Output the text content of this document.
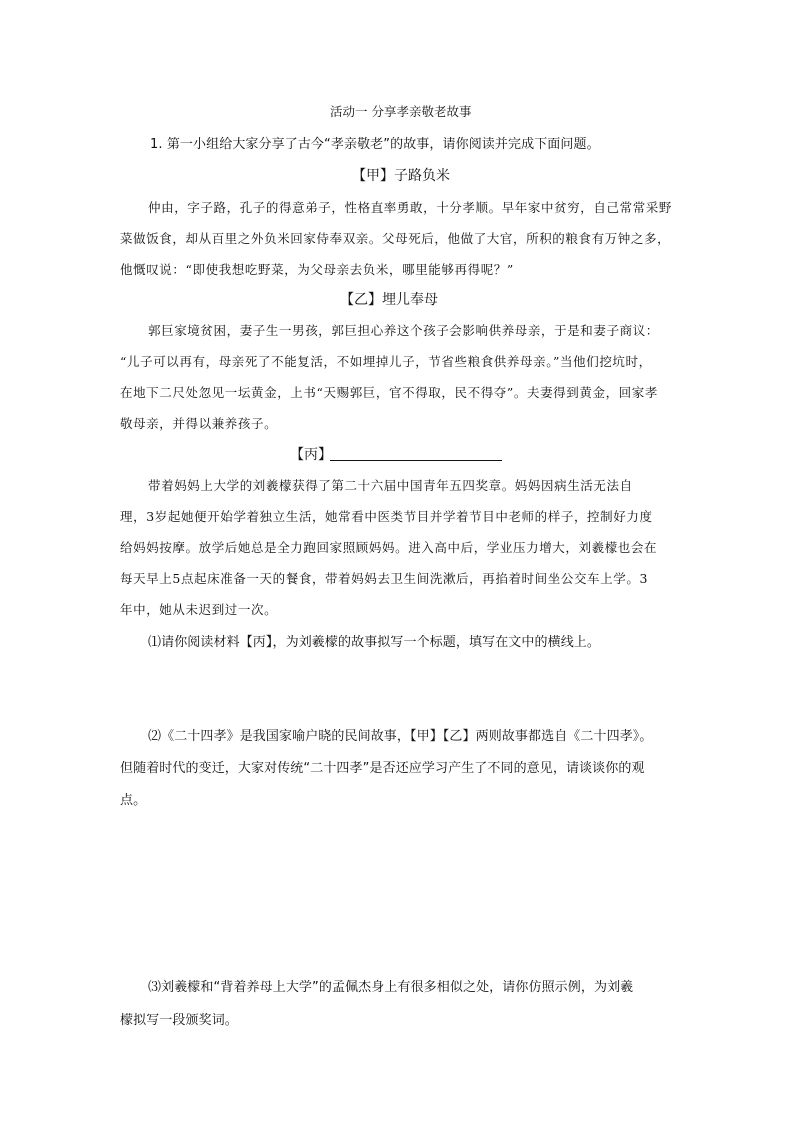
活动一 分享孝亲敬老故事
1. 第一小组给大家分享了古今“孝亲敬老”的故事，请你阅读并完成下面问题。
【甲】子路负米
仲由，字子路，孔子的得意弟子，性格直率勇敢，十分孝顺。早年家中贫穷，自己常常采野
菜做饭食，却从百里之外负米回家侍奉双亲。父母死后，他做了大官，所积的粮食有万钟之多，
他慨叹说：“即使我想吃野菜，为父母亲去负米，哪里能够再得呢？”
【乙】埋儿奉母
郭巨家境贫困，妻子生一男孩，郭巨担心养这个孩子会影响供养母亲，于是和妻子商议：
“儿子可以再有，母亲死了不能复活，不如埋掉儿子，节省些粮食供养母亲。”当他们挖坑时，
在地下二尺处忽见一坛黄金，上书“天赐郭巨，官不得取，民不得夺”。夫妻得到黄金，回家孝
敬母亲，并得以兼养孩子。
【丙】
带着妈妈上大学的刘羲檬获得了第二十六届中国青年五四奖章。妈妈因病生活无法自
理，3岁起她便开始学着独立生活，她常看中医类节目并学着节目中老师的样子，控制好力度
给妈妈按摩。放学后她总是全力跑回家照顾妈妈。进入高中后，学业压力增大，刘羲檬也会在
每天早上5点起床准备一天的餐食，带着妈妈去卫生间洗漱后，再掐着时间坐公交车上学。3
年中，她从未迟到过一次。
⑴请你阅读材料【丙】，为刘羲檬的故事拟写一个标题，填写在文中的横线上。
⑵《二十四孝》是我国家喻户晓的民间故事，【甲】【乙】两则故事都选自《二十四孝》。
但随着时代的变迁，大家对传统“二十四孝”是否还应学习产生了不同的意见，请谈谈你的观
点。
⑶刘羲檬和“背着养母上大学”的孟佩杰身上有很多相似之处，请你仿照示例，为刘羲
檬拟写一段颁奖词。
